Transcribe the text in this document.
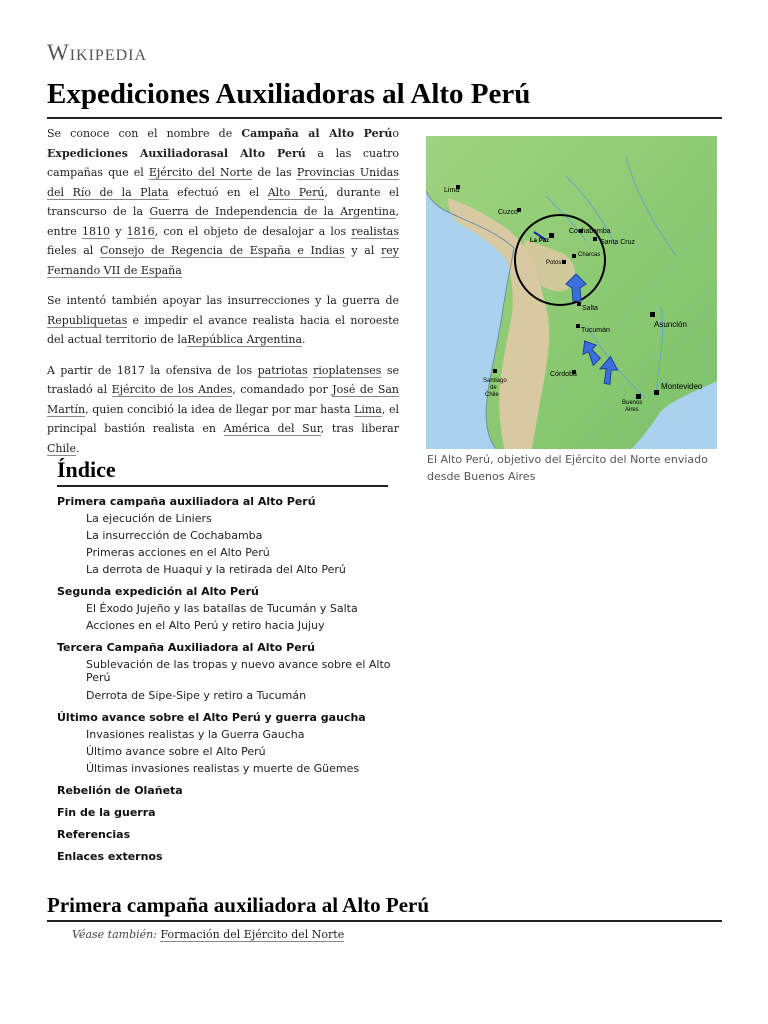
Wikipedia
Expediciones Auxiliadoras al Alto Perú

Se conoce con el nombre de Campaña al Alto Perúo Expediciones Auxiliadorasal Alto Perú a las cuatro campañas que el Ejército del Norte de las Provincias Unidas del Río de la Plata efectuó en el Alto Perú, durante el transcurso de la Guerra de Independencia de la Argentina, entre 1810 y 1816, con el objeto de desalojar a los realistas fieles al Consejo de Regencia de España e Indias y al rey Fernando VII de España

Se intentó también apoyar las insurrecciones y la guerra de Republiquetas e impedir el avance realista hacia el noroeste del actual territorio de laRepública Argentina.

A partir de 1817 la ofensiva de los patriotas rioplatenses se trasladó al Ejército de los Andes, comandado por José de San Martín, quien concibió la idea de llegar por mar hasta Lima, el principal bastión realista en América del Sur, tras liberar Chile.

Lima
Cuzco
La Paz
Cochabamba
Santa Cruz
Charcas
Potosí
Salta
Tucumán
Asunción
Córdoba
Santiago
de
Chile
Montevideo
Buenos
Aires
El Alto Perú, objetivo del Ejército del Norte enviado desde Buenos Aires
Índice
Primera campaña auxiliadora al Alto Perú
La ejecución de Liniers
La insurrección de Cochabamba
Primeras acciones en el Alto Perú
La derrota de Huaqui y la retirada del Alto Perú
Segunda expedición al Alto Perú
El Éxodo Jujeño y las batallas de Tucumán y Salta
Acciones en el Alto Perú y retiro hacia Jujuy
Tercera Campaña Auxiliadora al Alto Perú
Sublevación de las tropas y nuevo avance sobre el Alto Perú
Derrota de Sipe-Sipe y retiro a Tucumán
Último avance sobre el Alto Perú y guerra gaucha
Invasiones realistas y la Guerra Gaucha
Último avance sobre el Alto Perú
Últimas invasiones realistas y muerte de Güemes
Rebelión de Olañeta
Fin de la guerra
Referencias
Enlaces externos
Primera campaña auxiliadora al Alto Perú
Véase también: Formación del Ejército del Norte
